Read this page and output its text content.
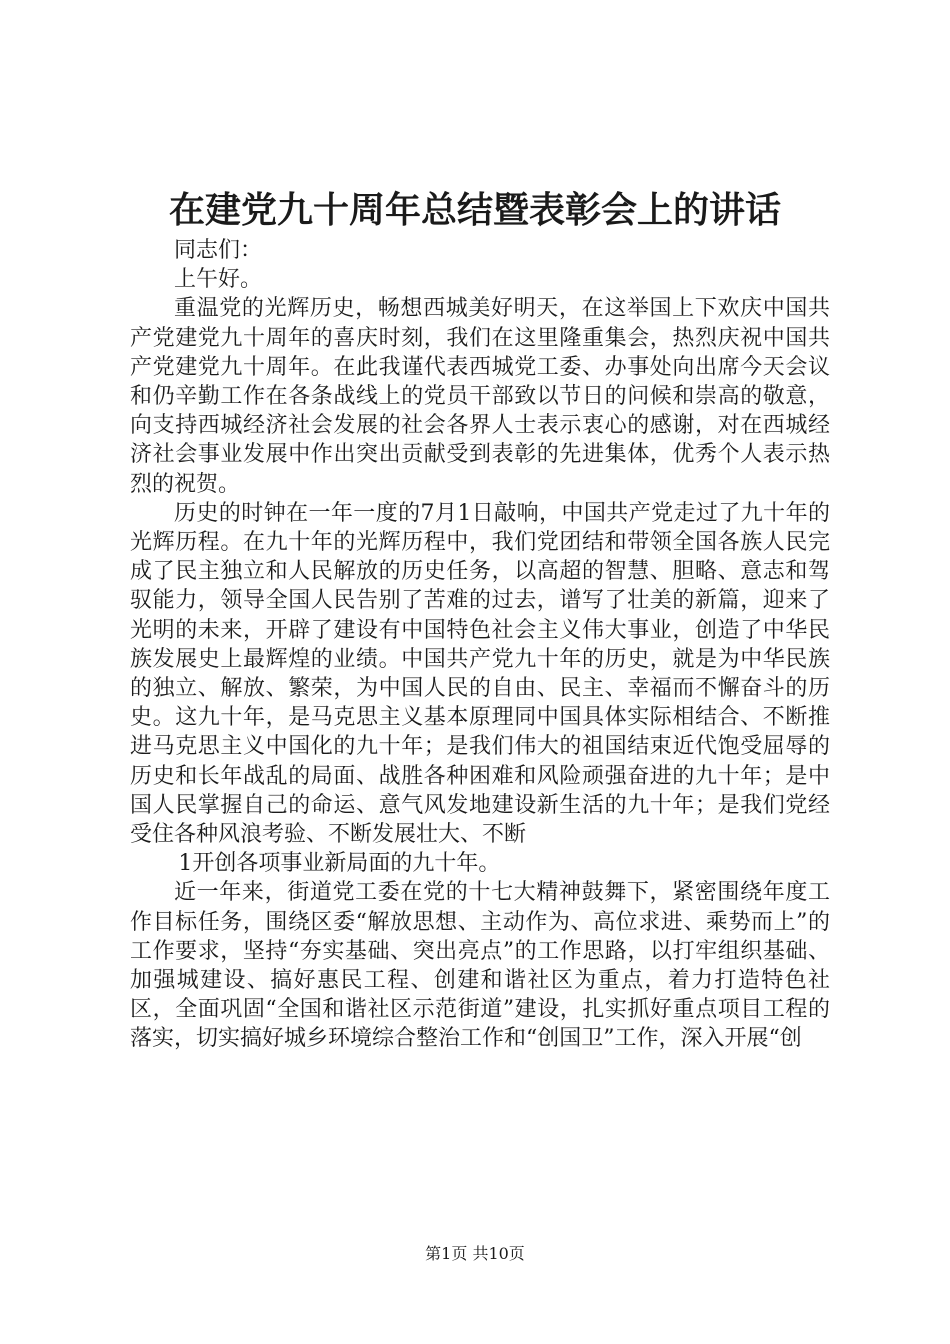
在建党九十周年总结暨表彰会上的讲话

同志们：

上午好。

重温党的光辉历史，畅想西城美好明天，在这举国上下欢庆中国共产党建党九十周年的喜庆时刻，我们在这里隆重集会，热烈庆祝中国共产党建党九十周年。在此我谨代表西城党工委、办事处向出席今天会议和仍辛勤工作在各条战线上的党员干部致以节日的问候和崇高的敬意，向支持西城经济社会发展的社会各界人士表示衷心的感谢，对在西城经济社会事业发展中作出突出贡献受到表彰的先进集体，优秀个人表示热烈的祝贺。

历史的时钟在一年一度的7月1日敲响，中国共产党走过了九十年的光辉历程。在九十年的光辉历程中，我们党团结和带领全国各族人民完成了民主独立和人民解放的历史任务，以高超的智慧、胆略、意志和驾驭能力，领导全国人民告别了苦难的过去，谱写了壮美的新篇，迎来了光明的未来，开辟了建设有中国特色社会主义伟大事业，创造了中华民族发展史上最辉煌的业绩。中国共产党九十年的历史，就是为中华民族的独立、解放、繁荣，为中国人民的自由、民主、幸福而不懈奋斗的历史。这九十年，是马克思主义基本原理同中国具体实际相结合、不断推进马克思主义中国化的九十年；是我们伟大的祖国结束近代饱受屈辱的历史和长年战乱的局面、战胜各种困难和风险顽强奋进的九十年；是中国人民掌握自己的命运、意气风发地建设新生活的九十年；是我们党经受住各种风浪考验、不断发展壮大、不断

1开创各项事业新局面的九十年。

近一年来，街道党工委在党的十七大精神鼓舞下，紧密围绕年度工作目标任务，围绕区委“解放思想、主动作为、高位求进、乘势而上”的工作要求，坚持“夯实基础、突出亮点”的工作思路，以打牢组织基础、加强城建设、搞好惠民工程、创建和谐社区为重点，着力打造特色社区，全面巩固“全国和谐社区示范街道”建设，扎实抓好重点项目工程的落实，切实搞好城乡环境综合整治工作和“创国卫”工作，深入开展“创

第1页 共10页
